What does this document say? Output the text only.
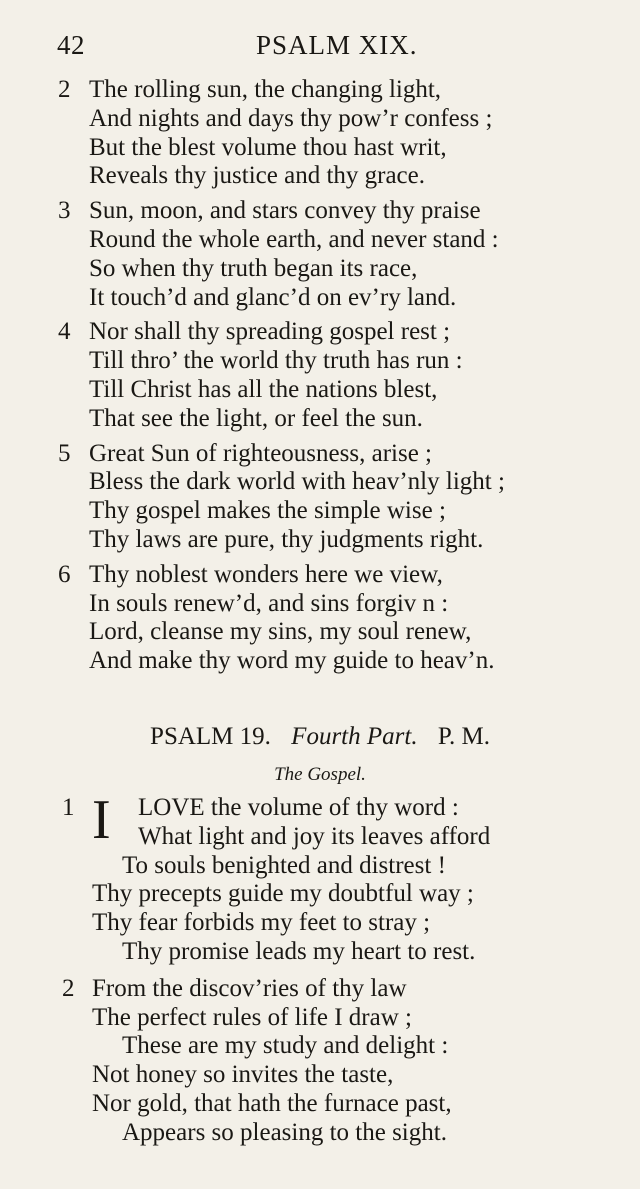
42	PSALM XIX.
2 The rolling sun, the changing light,
And nights and days thy pow’r confess ;
But the blest volume thou hast writ,
Reveals thy justice and thy grace.
3 Sun, moon, and stars convey thy praise
Round the whole earth, and never stand :
So when thy truth began its race,
It touch’d and glanc’d on ev’ry land.
4 Nor shall thy spreading gospel rest ;
Till thro’ the world thy truth has run :
Till Christ has all the nations blest,
That see the light, or feel the sun.
5 Great Sun of righteousness, arise ;
Bless the dark world with heav’nly light ;
Thy gospel makes the simple wise ;
Thy laws are pure, thy judgments right.
6 Thy noblest wonders here we view,
In souls renew’d, and sins forgiv n :
Lord, cleanse my sins, my soul renew,
And make thy word my guide to heav’n.
PSALM 19. Fourth Part. P. M.
The Gospel.
1 I LOVE the volume of thy word :
What light and joy its leaves afford
To souls benighted and distrest !
Thy precepts guide my doubtful way ;
Thy fear forbids my feet to stray ;
Thy promise leads my heart to rest.
2 From the discov’ries of thy law
The perfect rules of life I draw ;
These are my study and delight :
Not honey so invites the taste,
Nor gold, that hath the furnace past,
Appears so pleasing to the sight.
